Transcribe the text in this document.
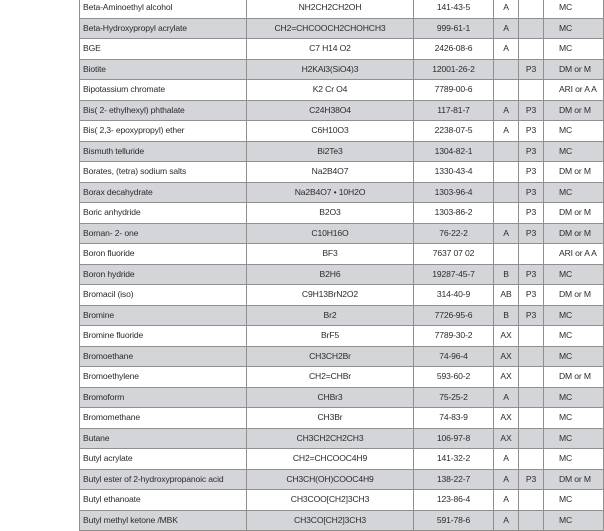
Beta-Aminoethyl alcohol	NH2CH2CH2OH	141-43-5	A		MC
Beta-Hydroxypropyl acrylate	CH2=CHCOOCH2CHOHCH3	999-61-1	A		MC
BGE	C7 H14 O2	2426-08-6	A		MC
Biotite	H2KAl3(SiO4)3	12001-26-2		P3	DM or M
Bipotassium chromate	K2 Cr O4	7789-00-6			ARI or A A
Bis( 2- ethylhexyl) phthalate	C24H38O4	117-81-7	A	P3	DM or M
Bis( 2,3- epoxypropyl) ether	C6H10O3	2238-07-5	A	P3	MC
Bismuth telluride	Bi2Te3	1304-82-1		P3	MC
Borates, (tetra) sodium salts	Na2B4O7	1330-43-4		P3	DM or M
Borax decahydrate	Na2B4O7 • 10H2O	1303-96-4		P3	MC
Boric anhydride	B2O3	1303-86-2		P3	DM or M
Bornan- 2- one	C10H16O	76-22-2	A	P3	DM or M
Boron fluoride	BF3	7637 07 02			ARI or A A
Boron hydride	B2H6	19287-45-7	B	P3	MC
Bromacil (iso)	C9H13BrN2O2	314-40-9	AB	P3	DM or M
Bromine	Br2	7726-95-6	B	P3	MC
Bromine fluoride	BrF5	7789-30-2	AX		MC
Bromoethane	CH3CH2Br	74-96-4	AX		MC
Bromoethylene	CH2=CHBr	593-60-2	AX		DM or M
Bromoform	CHBr3	75-25-2	A		MC
Bromomethane	CH3Br	74-83-9	AX		MC
Butane	CH3CH2CH2CH3	106-97-8	AX		MC
Butyl acrylate	CH2=CHCOOC4H9	141-32-2	A		MC
Butyl ester of 2-hydroxypropanoic acid	CH3CH(OH)COOC4H9	138-22-7	A	P3	DM or M
Butyl ethanoate	CH3COO[CH2]3CH3	123-86-4	A		MC
Butyl methyl ketone /MBK	CH3CO[CH2]3CH3	591-78-6	A		MC
